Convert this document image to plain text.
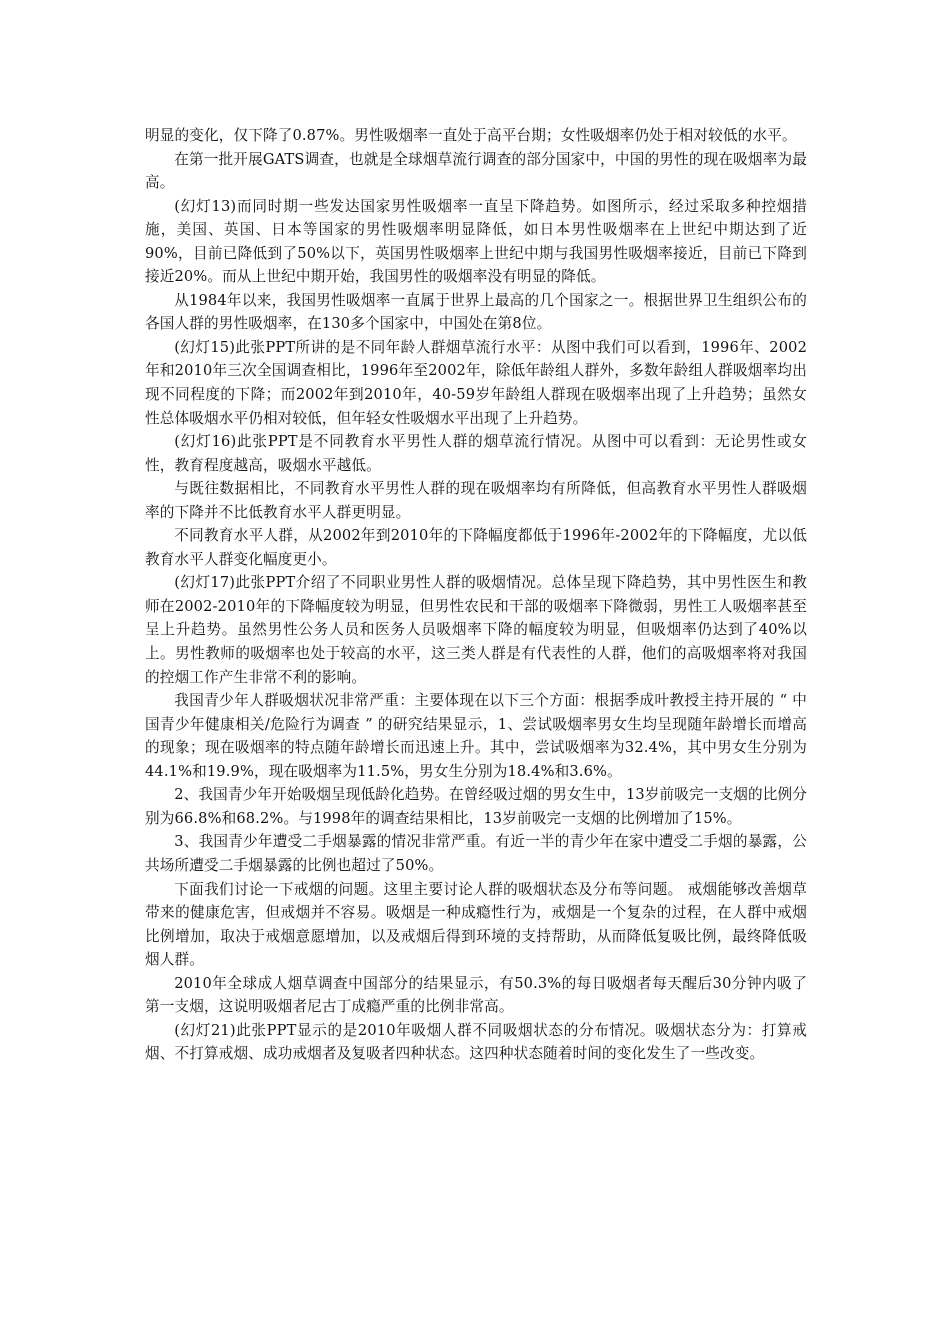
明显的变化，仅下降了0.87%。男性吸烟率一直处于高平台期；女性吸烟率仍处于相对较低的水平。

在第一批开展GATS调查，也就是全球烟草流行调查的部分国家中，中国的男性的现在吸烟率为最高。

(幻灯13)而同时期一些发达国家男性吸烟率一直呈下降趋势。如图所示，经过采取多种控烟措施，美国、英国、日本等国家的男性吸烟率明显降低，如日本男性吸烟率在上世纪中期达到了近90%，目前已降低到了50%以下，英国男性吸烟率上世纪中期与我国男性吸烟率接近，目前已下降到接近20%。而从上世纪中期开始，我国男性的吸烟率没有明显的降低。

从1984年以来，我国男性吸烟率一直属于世界上最高的几个国家之一。根据世界卫生组织公布的各国人群的男性吸烟率，在130多个国家中，中国处在第8位。

(幻灯15)此张PPT所讲的是不同年龄人群烟草流行水平：从图中我们可以看到，1996年、2002年和2010年三次全国调查相比，1996年至2002年，除低年龄组人群外，多数年龄组人群吸烟率均出现不同程度的下降；而2002年到2010年，40-59岁年龄组人群现在吸烟率出现了上升趋势；虽然女性总体吸烟水平仍相对较低，但年轻女性吸烟水平出现了上升趋势。

(幻灯16)此张PPT是不同教育水平男性人群的烟草流行情况。从图中可以看到：无论男性或女性，教育程度越高，吸烟水平越低。

与既往数据相比，不同教育水平男性人群的现在吸烟率均有所降低，但高教育水平男性人群吸烟率的下降并不比低教育水平人群更明显。

不同教育水平人群，从2002年到2010年的下降幅度都低于1996年-2002年的下降幅度，尤以低教育水平人群变化幅度更小。

(幻灯17)此张PPT介绍了不同职业男性人群的吸烟情况。总体呈现下降趋势，其中男性医生和教师在2002-2010年的下降幅度较为明显，但男性农民和干部的吸烟率下降微弱，男性工人吸烟率甚至呈上升趋势。虽然男性公务人员和医务人员吸烟率下降的幅度较为明显，但吸烟率仍达到了40%以上。男性教师的吸烟率也处于较高的水平，这三类人群是有代表性的人群，他们的高吸烟率将对我国的控烟工作产生非常不利的影响。

我国青少年人群吸烟状况非常严重：主要体现在以下三个方面：根据季成叶教授主持开展的 “ 中国青少年健康相关/危险行为调查 ” 的研究结果显示，1、尝试吸烟率男女生均呈现随年龄增长而增高的现象；现在吸烟率的特点随年龄增长而迅速上升。其中，尝试吸烟率为32.4%，其中男女生分别为44.1%和19.9%，现在吸烟率为11.5%，男女生分别为18.4%和3.6%。

2、我国青少年开始吸烟呈现低龄化趋势。在曾经吸过烟的男女生中，13岁前吸完一支烟的比例分别为66.8%和68.2%。与1998年的调查结果相比，13岁前吸完一支烟的比例增加了15%。

3、我国青少年遭受二手烟暴露的情况非常严重。有近一半的青少年在家中遭受二手烟的暴露，公共场所遭受二手烟暴露的比例也超过了50%。

下面我们讨论一下戒烟的问题。这里主要讨论人群的吸烟状态及分布等问题。 戒烟能够改善烟草带来的健康危害，但戒烟并不容易。吸烟是一种成瘾性行为，戒烟是一个复杂的过程，在人群中戒烟比例增加，取决于戒烟意愿增加，以及戒烟后得到环境的支持帮助，从而降低复吸比例，最终降低吸烟人群。

2010年全球成人烟草调查中国部分的结果显示，有50.3%的每日吸烟者每天醒后30分钟内吸了第一支烟，这说明吸烟者尼古丁成瘾严重的比例非常高。

(幻灯21)此张PPT显示的是2010年吸烟人群不同吸烟状态的分布情况。吸烟状态分为：打算戒烟、不打算戒烟、成功戒烟者及复吸者四种状态。这四种状态随着时间的变化发生了一些改变。
